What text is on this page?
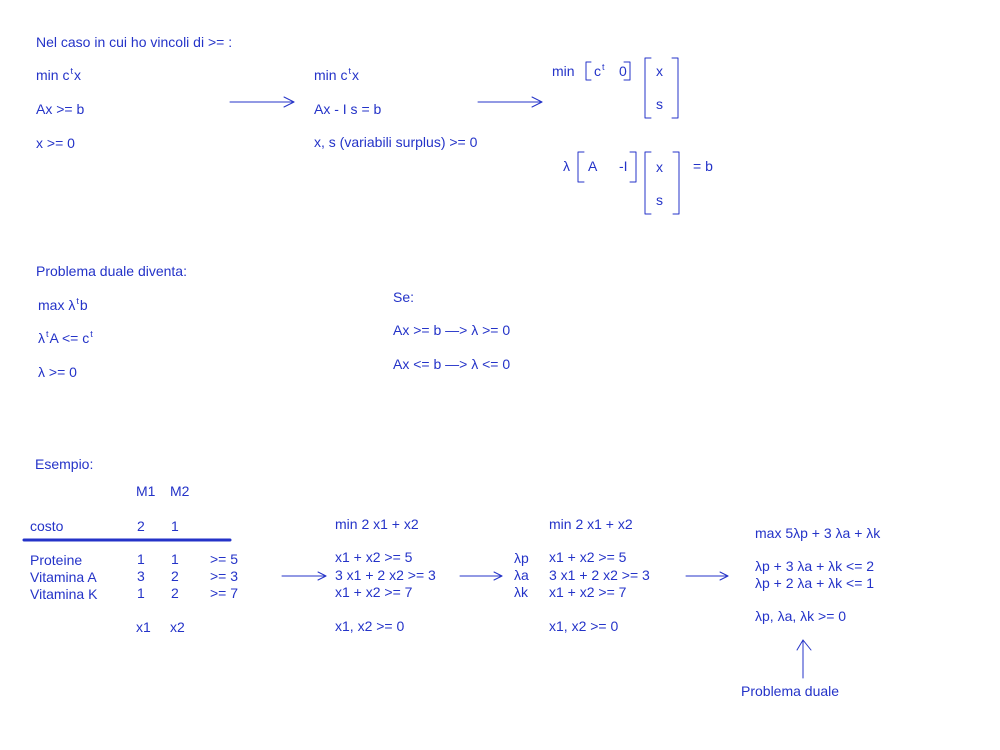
Nel caso in cui ho vincoli di >= :
$\min c^tx$
Ax >= b
x >= 0
$\min c^tx$
Ax - I s = b
x, s (variabili surplus) >= 0
$\min c^t$ 0 x
s
λ A -I x
s
= b
Problema duale diventa:
$\max \lambda^tb$
$\lambda^tA <= c^t$
λ >= 0
Se:
Ax >= b —> λ >= 0
Ax <= b —> λ <= 0
Esempio:
M1 M2
costo	2 1
Proteine	1 1 >= 5
Vitamina A	3 2 >= 3
Vitamina K	1 2 >= 7
x1 x2
min 2 x1 + x2
x1 + x2 >= 5
3 x1 + 2 x2 >= 3
x1 + x2 >= 7
x1, x2 >= 0
min 2 x1 + x2
λp
λa
λk
x1 + x2 >= 5
3 x1 + 2 x2 >= 3
x1 + x2 >= 7
x1, x2 >= 0
max 5λp + 3 λa + λk
λp + 3 λa + λk <= 2
λp + 2 λa + λk <= 1
λp, λa, λk >= 0
Problema duale
